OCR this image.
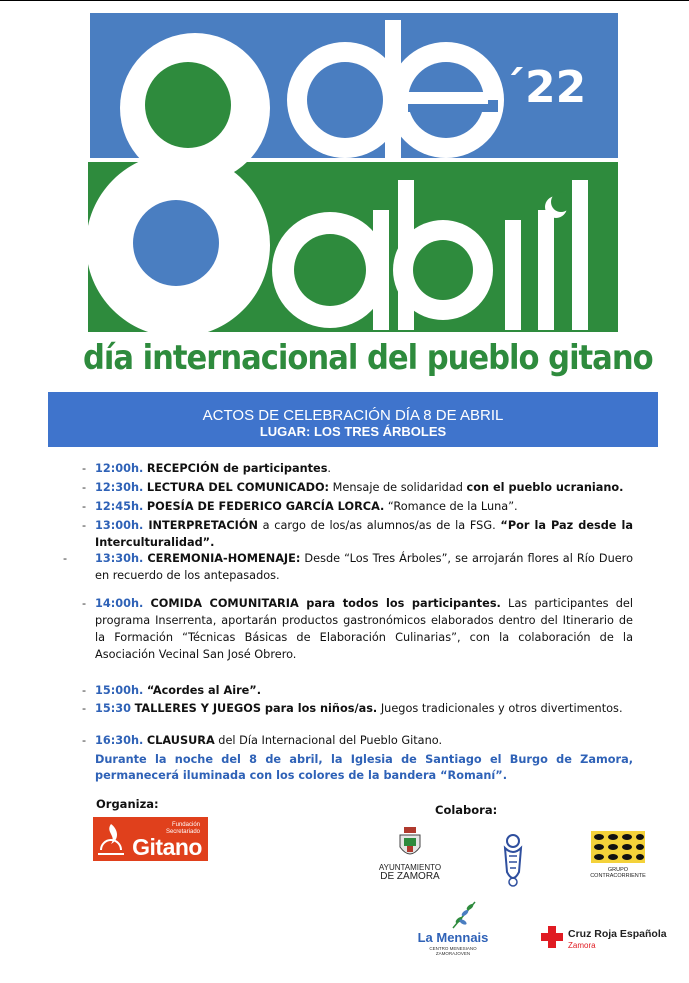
´22
día internacional del pueblo gitano
ACTOS DE CELEBRACIÓN DÍA 8 DE ABRIL
LUGAR: LOS TRES ÁRBOLES
- 12:00h. RECEPCIÓN de participantes.
- 12:30h. LECTURA DEL COMUNICADO: Mensaje de solidaridad con el pueblo ucraniano.
- 12:45h. POESÍA DE FEDERICO GARCÍA LORCA. “Romance de la Luna”.
- 13:00h. INTERPRETACIÓN a cargo de los/as alumnos/as de la FSG. “Por la Paz desde la Interculturalidad”.
- 13:30h. CEREMONIA-HOMENAJE: Desde “Los Tres Árboles”, se arrojarán flores al Río Duero en recuerdo de los antepasados.
- 14:00h. COMIDA COMUNITARIA para todos los participantes. Las participantes del programa Inserrenta, aportarán productos gastronómicos elaborados dentro del Itinerario de la Formación “Técnicas Básicas de Elaboración Culinarias”, con la colaboración de la Asociación Vecinal San José Obrero.
- 15:00h. “Acordes al Aire”.
- 15:30 TALLERES Y JUEGOS para los niños/as. Juegos tradicionales y otros divertimentos.
- 16:30h. CLAUSURA del Día Internacional del Pueblo Gitano.
Durante la noche del 8 de abril, la Iglesia de Santiago el Burgo de Zamora, permanecerá iluminada con los colores de la bandera “Romaní”.
Organiza:	Colabora:
Fundación
Secretariado
Gitano
AYUNTAMIENTO
DE ZAMORA
GRUPO CONTRACORRIENTE
La Mennais
CENTRO MENESIANO
ZAMORAJOVEN
Cruz Roja Española
Zamora
